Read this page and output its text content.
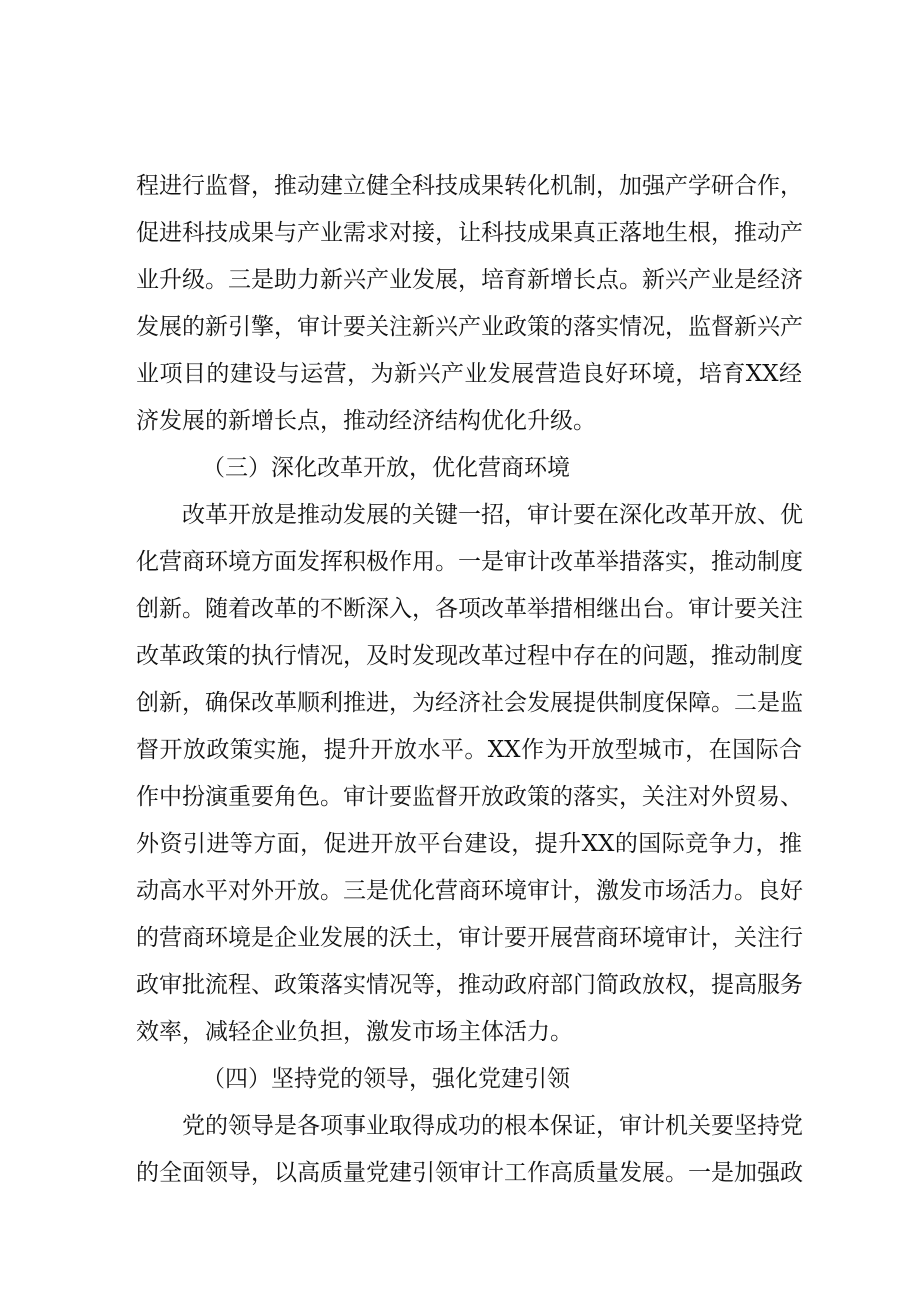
程进行监督，推动建立健全科技成果转化机制，加强产学研合作，
促进科技成果与产业需求对接，让科技成果真正落地生根，推动产
业升级。三是助力新兴产业发展，培育新增长点。新兴产业是经济
发展的新引擎，审计要关注新兴产业政策的落实情况，监督新兴产
业项目的建设与运营，为新兴产业发展营造良好环境，培育XX经
济发展的新增长点，推动经济结构优化升级。
（三）深化改革开放，优化营商环境
改革开放是推动发展的关键一招，审计要在深化改革开放、优
化营商环境方面发挥积极作用。一是审计改革举措落实，推动制度
创新。随着改革的不断深入，各项改革举措相继出台。审计要关注
改革政策的执行情况，及时发现改革过程中存在的问题，推动制度
创新，确保改革顺利推进，为经济社会发展提供制度保障。二是监
督开放政策实施，提升开放水平。XX作为开放型城市，在国际合
作中扮演重要角色。审计要监督开放政策的落实，关注对外贸易、
外资引进等方面，促进开放平台建设，提升XX的国际竞争力，推
动高水平对外开放。三是优化营商环境审计，激发市场活力。良好
的营商环境是企业发展的沃土，审计要开展营商环境审计，关注行
政审批流程、政策落实情况等，推动政府部门简政放权，提高服务
效率，减轻企业负担，激发市场主体活力。
（四）坚持党的领导，强化党建引领
党的领导是各项事业取得成功的根本保证，审计机关要坚持党
的全面领导，以高质量党建引领审计工作高质量发展。一是加强政
